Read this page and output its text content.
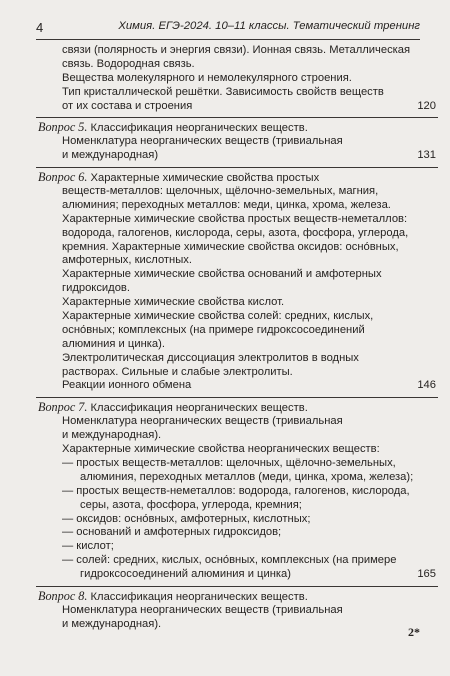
4	Химия. ЕГЭ-2024. 10–11 классы. Тематический тренинг
связи (полярность и энергия связи). Ионная связь. Металлическая
связь. Водородная связь.
Вещества молекулярного и немолекулярного строения.
Тип кристаллической решётки. Зависимость свойств веществ
от их состава и строения	120
Вопрос 5. Классификация неорганических веществ.
Номенклатура неорганических веществ (тривиальная
и международная)	131
Вопрос 6. Характерные химические свойства простых
веществ-металлов: щелочных, щёлочно-земельных, магния,
алюминия; переходных металлов: меди, цинка, хрома, железа.
Характерные химические свойства простых веществ-неметаллов:
водорода, галогенов, кислорода, серы, азота, фосфора, углерода,
кремния. Характерные химические свойства оксидов: осно́вных,
амфотерных, кислотных.
Характерные химические свойства оснований и амфотерных
гидроксидов.
Характерные химические свойства кислот.
Характерные химические свойства солей: средних, кислых,
осно́вных; комплексных (на примере гидроксосоединений
алюминия и цинка).
Электролитическая диссоциация электролитов в водных
растворах. Сильные и слабые электролиты.
Реакции ионного обмена	146
Вопрос 7. Классификация неорганических веществ.
Номенклатура неорганических веществ (тривиальная
и международная).
Характерные химические свойства неорганических веществ:
— простых веществ-металлов: щелочных, щёлочно-земельных,
алюминия, переходных металлов (меди, цинка, хрома, железа);
— простых веществ-неметаллов: водорода, галогенов, кислорода,
серы, азота, фосфора, углерода, кремния;
— оксидов: осно́вных, амфотерных, кислотных;
— оснований и амфотерных гидроксидов;
— кислот;
— солей: средних, кислых, осно́вных, комплексных (на примере
гидроксосоединений алюминия и цинка)	165
Вопрос 8. Классификация неорганических веществ.
Номенклатура неорганических веществ (тривиальная
и международная).
2*
